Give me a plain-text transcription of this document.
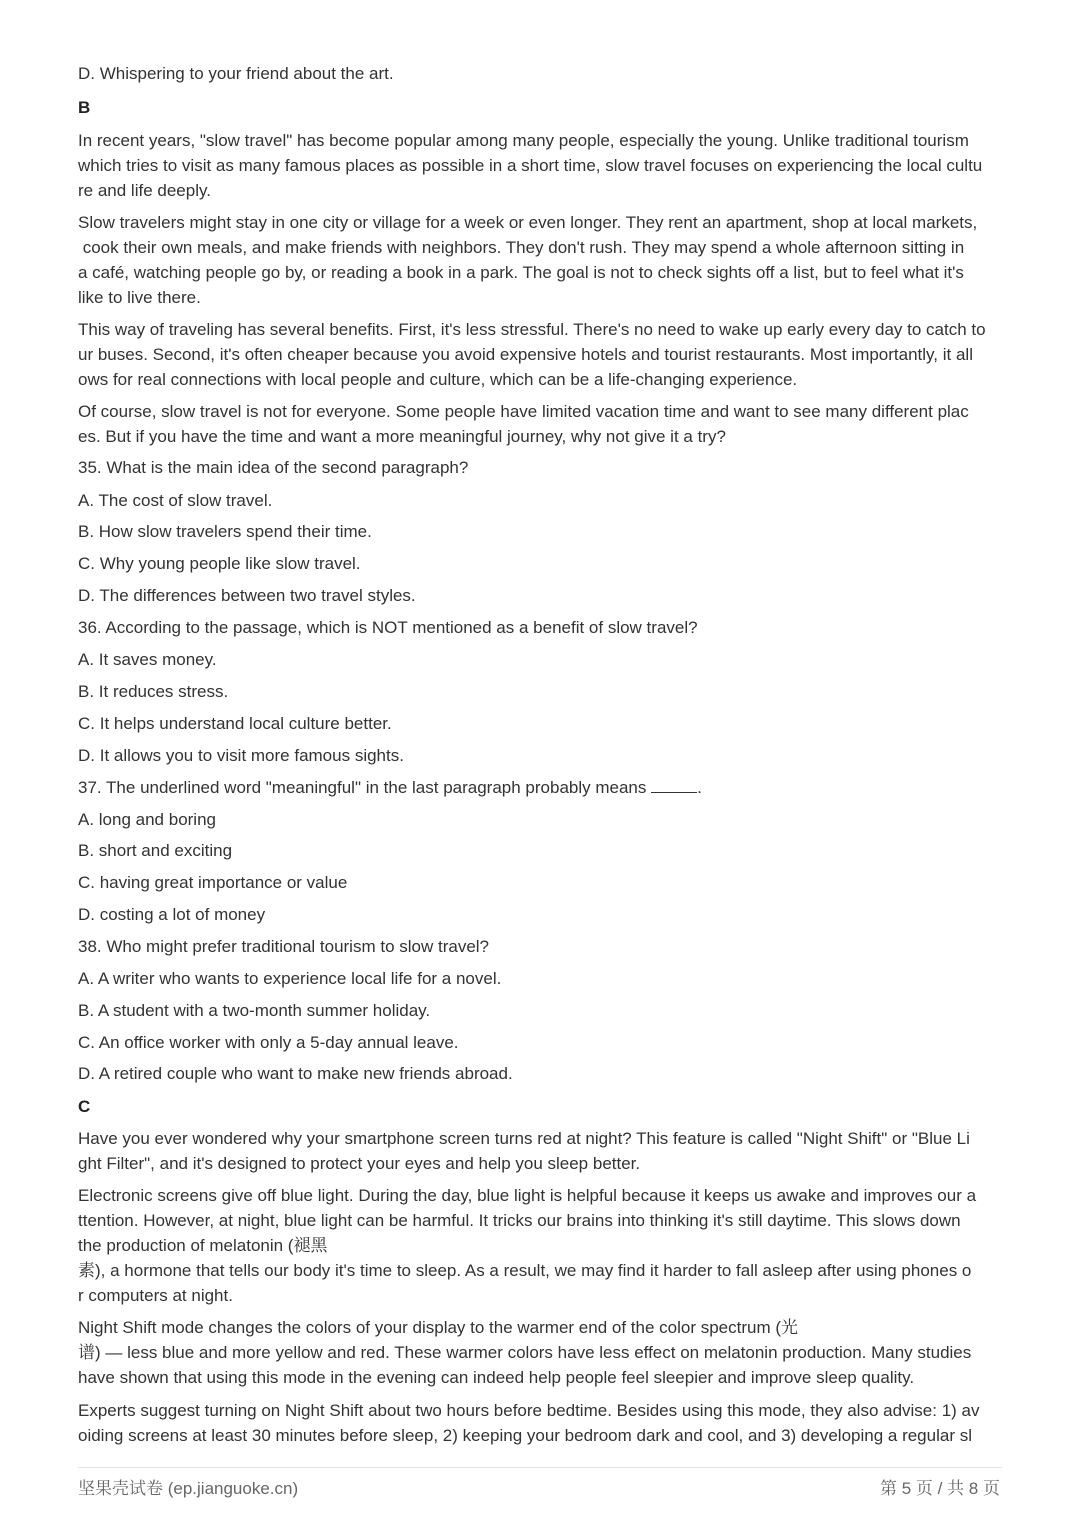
D. Whispering to your friend about the art.
B
In recent years, "slow travel" has become popular among many people, especially the young. Unlike traditional tourism
which tries to visit as many famous places as possible in a short time, slow travel focuses on experiencing the local cultu
re and life deeply.
Slow travelers might stay in one city or village for a week or even longer. They rent an apartment, shop at local markets,
cook their own meals, and make friends with neighbors. They don't rush. They may spend a whole afternoon sitting in
a café, watching people go by, or reading a book in a park. The goal is not to check sights off a list, but to feel what it's
like to live there.
This way of traveling has several benefits. First, it's less stressful. There's no need to wake up early every day to catch to
ur buses. Second, it's often cheaper because you avoid expensive hotels and tourist restaurants. Most importantly, it all
ows for real connections with local people and culture, which can be a life-changing experience.
Of course, slow travel is not for everyone. Some people have limited vacation time and want to see many different plac
es. But if you have the time and want a more meaningful journey, why not give it a try?
35. What is the main idea of the second paragraph?
A. The cost of slow travel.
B. How slow travelers spend their time.
C. Why young people like slow travel.
D. The differences between two travel styles.
36. According to the passage, which is NOT mentioned as a benefit of slow travel?
A. It saves money.
B. It reduces stress.
C. It helps understand local culture better.
D. It allows you to visit more famous sights.
37. The underlined word "meaningful" in the last paragraph probably means	.
A. long and boring
B. short and exciting
C. having great importance or value
D. costing a lot of money
38. Who might prefer traditional tourism to slow travel?
A. A writer who wants to experience local life for a novel.
B. A student with a two-month summer holiday.
C. An office worker with only a 5-day annual leave.
D. A retired couple who want to make new friends abroad.
C
Have you ever wondered why your smartphone screen turns red at night? This feature is called "Night Shift" or "Blue Li
ght Filter", and it's designed to protect your eyes and help you sleep better.
Electronic screens give off blue light. During the day, blue light is helpful because it keeps us awake and improves our a
ttention. However, at night, blue light can be harmful. It tricks our brains into thinking it's still daytime. This slows down
the production of melatonin (褪黑
素), a hormone that tells our body it's time to sleep. As a result, we may find it harder to fall asleep after using phones o
r computers at night.
Night Shift mode changes the colors of your display to the warmer end of the color spectrum (光
谱) — less blue and more yellow and red. These warmer colors have less effect on melatonin production. Many studies
have shown that using this mode in the evening can indeed help people feel sleepier and improve sleep quality.
Experts suggest turning on Night Shift about two hours before bedtime. Besides using this mode, they also advise: 1) av
oiding screens at least 30 minutes before sleep, 2) keeping your bedroom dark and cool, and 3) developing a regular sl
坚果壳试卷 (ep.jianguoke.cn)	第 5 页 / 共 8 页
